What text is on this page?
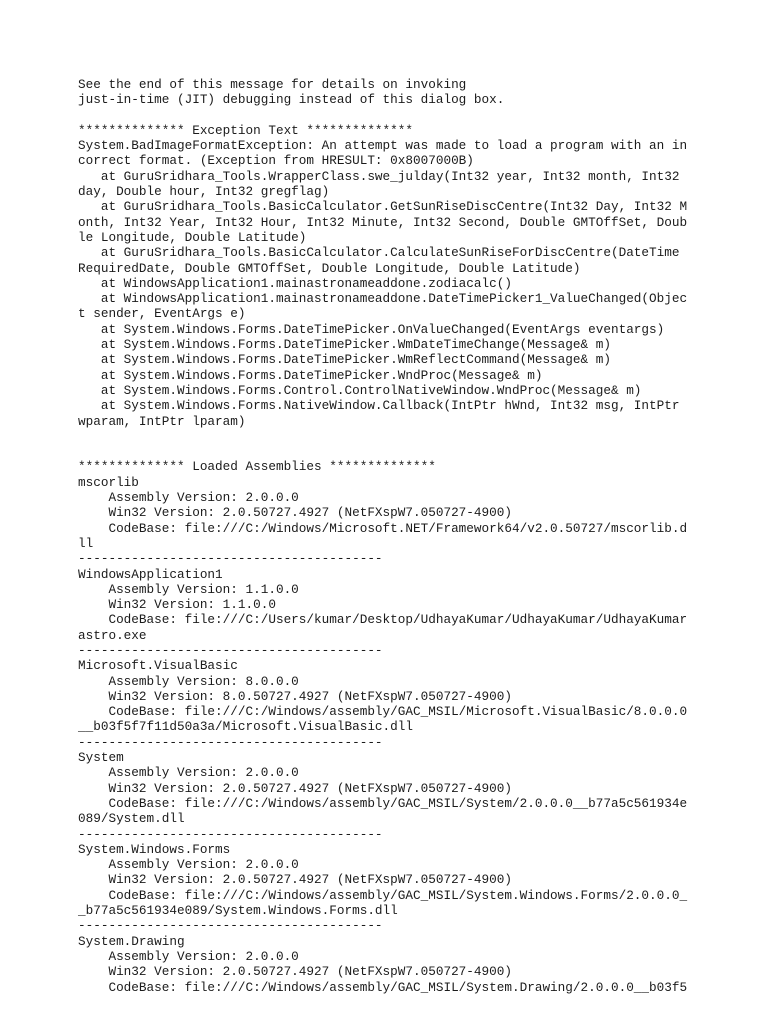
See the end of this message for details on invoking
just-in-time (JIT) debugging instead of this dialog box.
************** Exception Text **************
System.BadImageFormatException: An attempt was made to load a program with an in
correct format. (Exception from HRESULT: 0x8007000B)
at GuruSridhara_Tools.WrapperClass.swe_julday(Int32 year, Int32 month, Int32
day, Double hour, Int32 gregflag)
at GuruSridhara_Tools.BasicCalculator.GetSunRiseDiscCentre(Int32 Day, Int32 M
onth, Int32 Year, Int32 Hour, Int32 Minute, Int32 Second, Double GMTOffSet, Doub
le Longitude, Double Latitude)
at GuruSridhara_Tools.BasicCalculator.CalculateSunRiseForDiscCentre(DateTime
RequiredDate, Double GMTOffSet, Double Longitude, Double Latitude)
at WindowsApplication1.mainastronameaddone.zodiacalc()
at WindowsApplication1.mainastronameaddone.DateTimePicker1_ValueChanged(Objec
t sender, EventArgs e)
at System.Windows.Forms.DateTimePicker.OnValueChanged(EventArgs eventargs)
at System.Windows.Forms.DateTimePicker.WmDateTimeChange(Message& m)
at System.Windows.Forms.DateTimePicker.WmReflectCommand(Message& m)
at System.Windows.Forms.DateTimePicker.WndProc(Message& m)
at System.Windows.Forms.Control.ControlNativeWindow.WndProc(Message& m)
at System.Windows.Forms.NativeWindow.Callback(IntPtr hWnd, Int32 msg, IntPtr
wparam, IntPtr lparam)
************** Loaded Assemblies **************
mscorlib
Assembly Version: 2.0.0.0
Win32 Version: 2.0.50727.4927 (NetFXspW7.050727-4900)
CodeBase: file:///C:/Windows/Microsoft.NET/Framework64/v2.0.50727/mscorlib.d
ll
----------------------------------------
WindowsApplication1
Assembly Version: 1.1.0.0
Win32 Version: 1.1.0.0
CodeBase: file:///C:/Users/kumar/Desktop/UdhayaKumar/UdhayaKumar/UdhayaKumar
astro.exe
----------------------------------------
Microsoft.VisualBasic
Assembly Version: 8.0.0.0
Win32 Version: 8.0.50727.4927 (NetFXspW7.050727-4900)
CodeBase: file:///C:/Windows/assembly/GAC_MSIL/Microsoft.VisualBasic/8.0.0.0
__b03f5f7f11d50a3a/Microsoft.VisualBasic.dll
----------------------------------------
System
Assembly Version: 2.0.0.0
Win32 Version: 2.0.50727.4927 (NetFXspW7.050727-4900)
CodeBase: file:///C:/Windows/assembly/GAC_MSIL/System/2.0.0.0__b77a5c561934e
089/System.dll
----------------------------------------
System.Windows.Forms
Assembly Version: 2.0.0.0
Win32 Version: 2.0.50727.4927 (NetFXspW7.050727-4900)
CodeBase: file:///C:/Windows/assembly/GAC_MSIL/System.Windows.Forms/2.0.0.0_
_b77a5c561934e089/System.Windows.Forms.dll
----------------------------------------
System.Drawing
Assembly Version: 2.0.0.0
Win32 Version: 2.0.50727.4927 (NetFXspW7.050727-4900)
CodeBase: file:///C:/Windows/assembly/GAC_MSIL/System.Drawing/2.0.0.0__b03f5
